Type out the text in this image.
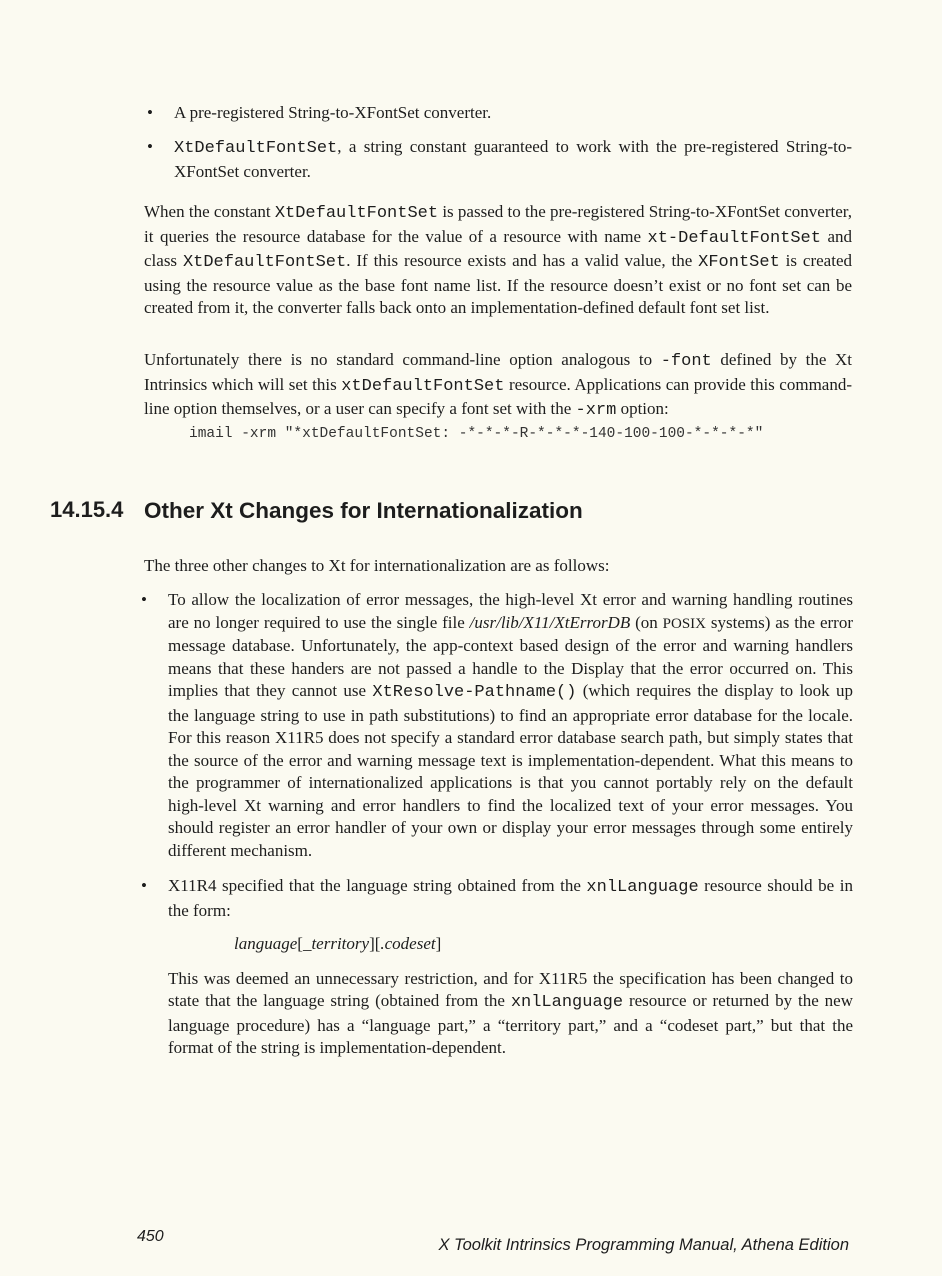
• A pre-registered String-to-XFontSet converter.
• XtDefaultFontSet, a string constant guaranteed to work with the pre-registered String-to-XFontSet converter.

When the constant XtDefaultFontSet is passed to the pre-registered String-to-XFontSet converter, it queries the resource database for the value of a resource with name xt-DefaultFontSet and class XtDefaultFontSet. If this resource exists and has a valid value, the XFontSet is created using the resource value as the base font name list. If the resource doesn’t exist or no font set can be created from it, the converter falls back onto an implementation-defined default font set list.

Unfortunately there is no standard command-line option analogous to -font defined by the Xt Intrinsics which will set this xtDefaultFontSet resource. Applications can provide this command-line option themselves, or a user can specify a font set with the -xrm option:

imail -xrm "*xtDefaultFontSet: -*-*-*-R-*-*-*-140-100-100-*-*-*-*"
14.15.4 Other Xt Changes for Internationalization

The three other changes to Xt for internationalization are as follows:

• To allow the localization of error messages, the high-level Xt error and warning handling routines are no longer required to use the single file /usr/lib/X11/XtErrorDB (on POSIX systems) as the error message database. Unfortunately, the app-context based design of the error and warning handlers means that these handers are not passed a handle to the Display that the error occurred on. This implies that they cannot use XtResolve-Pathname() (which requires the display to look up the language string to use in path substitutions) to find an appropriate error database for the locale. For this reason X11R5 does not specify a standard error database search path, but simply states that the source of the error and warning message text is implementation-dependent. What this means to the programmer of internationalized applications is that you cannot portably rely on the default high-level Xt warning and error handlers to find the localized text of your error messages. You should register an error handler of your own or display your error messages through some entirely different mechanism.
• X11R4 specified that the language string obtained from the xnlLanguage resource should be in the form:
language[_territory][.codeset]
This was deemed an unnecessary restriction, and for X11R5 the specification has been changed to state that the language string (obtained from the xnlLanguage resource or returned by the new language procedure) has a “language part,” a “territory part,” and a “codeset part,” but that the format of the string is implementation-dependent.
450	X Toolkit Intrinsics Programming Manual, Athena Edition
